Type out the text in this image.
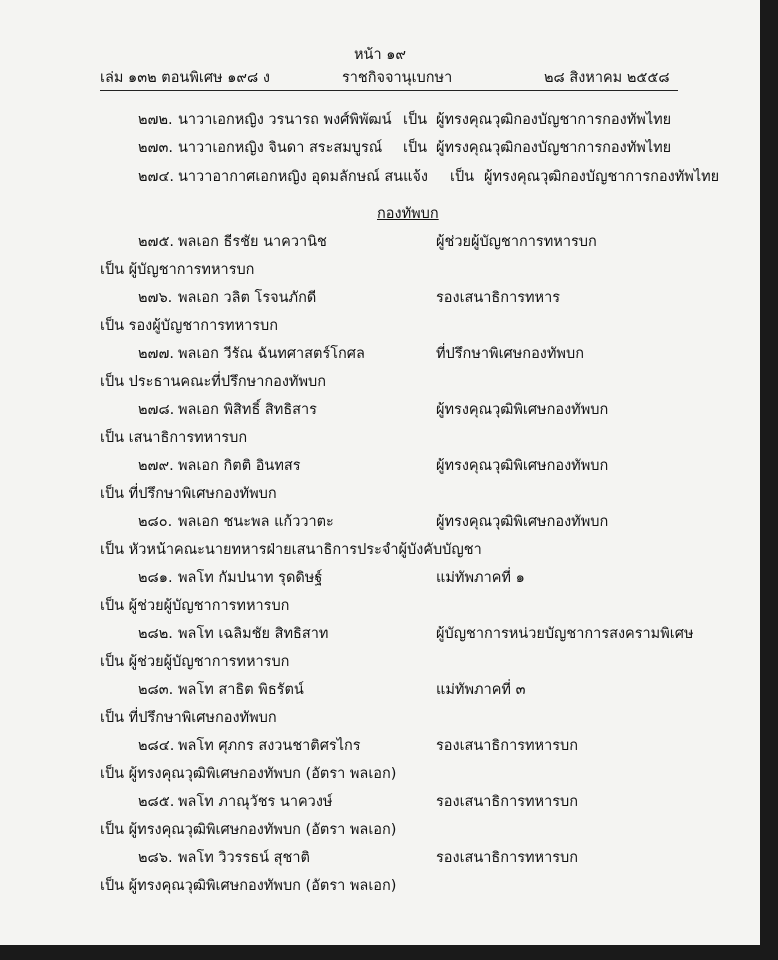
หน้า ๑๙
เล่ม ๑๓๒ ตอนพิเศษ ๑๙๘ ง	ราชกิจจานุเบกษา	๒๘ สิงหาคม ๒๕๕๘
๒๗๒. นาวาเอกหญิง วรนารถ พงศ์พิพัฒน์ เป็น ผู้ทรงคุณวุฒิกองบัญชาการกองทัพไทย
๒๗๓. นาวาเอกหญิง จินดา สระสมบูรณ์ เป็น ผู้ทรงคุณวุฒิกองบัญชาการกองทัพไทย
๒๗๔. นาวาอากาศเอกหญิง อุดมลักษณ์ สนแจ้ง เป็น ผู้ทรงคุณวุฒิกองบัญชาการกองทัพไทย
กองทัพบก
๒๗๕. พลเอก ธีรชัย นาควานิช	ผู้ช่วยผู้บัญชาการทหารบก
เป็น ผู้บัญชาการทหารบก
๒๗๖. พลเอก วลิต โรจนภักดี	รองเสนาธิการทหาร
เป็น รองผู้บัญชาการทหารบก
๒๗๗. พลเอก วีรัณ ฉันทศาสตร์โกศล	ที่ปรึกษาพิเศษกองทัพบก
เป็น ประธานคณะที่ปรึกษากองทัพบก
๒๗๘. พลเอก พิสิทธิ์ สิทธิสาร	ผู้ทรงคุณวุฒิพิเศษกองทัพบก
เป็น เสนาธิการทหารบก
๒๗๙. พลเอก กิตติ อินทสร	ผู้ทรงคุณวุฒิพิเศษกองทัพบก
เป็น ที่ปรึกษาพิเศษกองทัพบก
๒๘๐. พลเอก ชนะพล แก้ววาตะ	ผู้ทรงคุณวุฒิพิเศษกองทัพบก
เป็น หัวหน้าคณะนายทหารฝ่ายเสนาธิการประจำผู้บังคับบัญชา
๒๘๑. พลโท กัมปนาท รุดดิษฐ์	แม่ทัพภาคที่ ๑
เป็น ผู้ช่วยผู้บัญชาการทหารบก
๒๘๒. พลโท เฉลิมชัย สิทธิสาท	ผู้บัญชาการหน่วยบัญชาการสงครามพิเศษ
เป็น ผู้ช่วยผู้บัญชาการทหารบก
๒๘๓. พลโท สาธิต พิธรัตน์	แม่ทัพภาคที่ ๓
เป็น ที่ปรึกษาพิเศษกองทัพบก
๒๘๔. พลโท ศุภกร สงวนชาติศรไกร	รองเสนาธิการทหารบก
เป็น ผู้ทรงคุณวุฒิพิเศษกองทัพบก (อัตรา พลเอก)
๒๘๕. พลโท ภาณุวัชร นาควงษ์	รองเสนาธิการทหารบก
เป็น ผู้ทรงคุณวุฒิพิเศษกองทัพบก (อัตรา พลเอก)
๒๘๖. พลโท วิวรรธน์ สุชาติ	รองเสนาธิการทหารบก
เป็น ผู้ทรงคุณวุฒิพิเศษกองทัพบก (อัตรา พลเอก)
